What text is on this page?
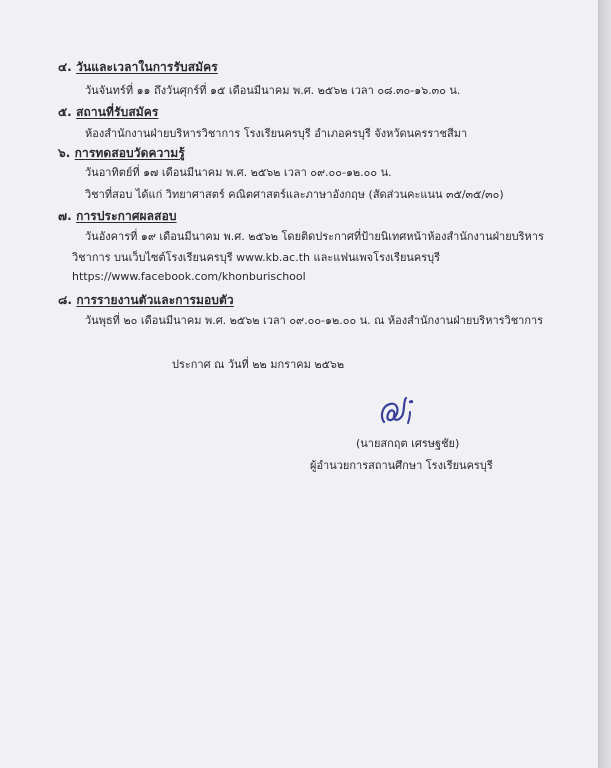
๔. วันและเวลาในการรับสมัคร
วันจันทร์ที่ ๑๑ ถึงวันศุกร์ที่ ๑๕ เดือนมีนาคม พ.ศ. ๒๕๖๒ เวลา ๐๘.๓๐-๑๖.๓๐ น.
๕. สถานที่รับสมัคร
ห้องสำนักงานฝ่ายบริหารวิชาการ โรงเรียนครบุรี อำเภอครบุรี จังหวัดนครราชสีมา
๖. การทดสอบวัดความรู้
วันอาทิตย์ที่ ๑๗ เดือนมีนาคม พ.ศ. ๒๕๖๒ เวลา ๐๙.๐๐-๑๒.๐๐ น.
วิชาที่สอบ ได้แก่ วิทยาศาสตร์ คณิตศาสตร์และภาษาอังกฤษ (สัดส่วนคะแนน ๓๕/๓๕/๓๐)
๗. การประกาศผลสอบ
วันอังคารที่ ๑๙ เดือนมีนาคม พ.ศ. ๒๕๖๒ โดยติดประกาศที่ป้ายนิเทศหน้าห้องสำนักงานฝ่ายบริหาร
วิชาการ บนเว็บไซต์โรงเรียนครบุรี www.kb.ac.th และแฟนเพจโรงเรียนครบุรี
https://www.facebook.com/khonburischool
๘. การรายงานตัวและการมอบตัว
วันพุธที่ ๒๐ เดือนมีนาคม พ.ศ. ๒๕๖๒ เวลา ๐๙.๐๐-๑๒.๐๐ น. ณ ห้องสำนักงานฝ่ายบริหารวิชาการ
ประกาศ ณ วันที่ ๒๒ มกราคม ๒๕๖๒
(นายสกฤต เศรษฐชัย)
ผู้อำนวยการสถานศึกษา โรงเรียนครบุรี
